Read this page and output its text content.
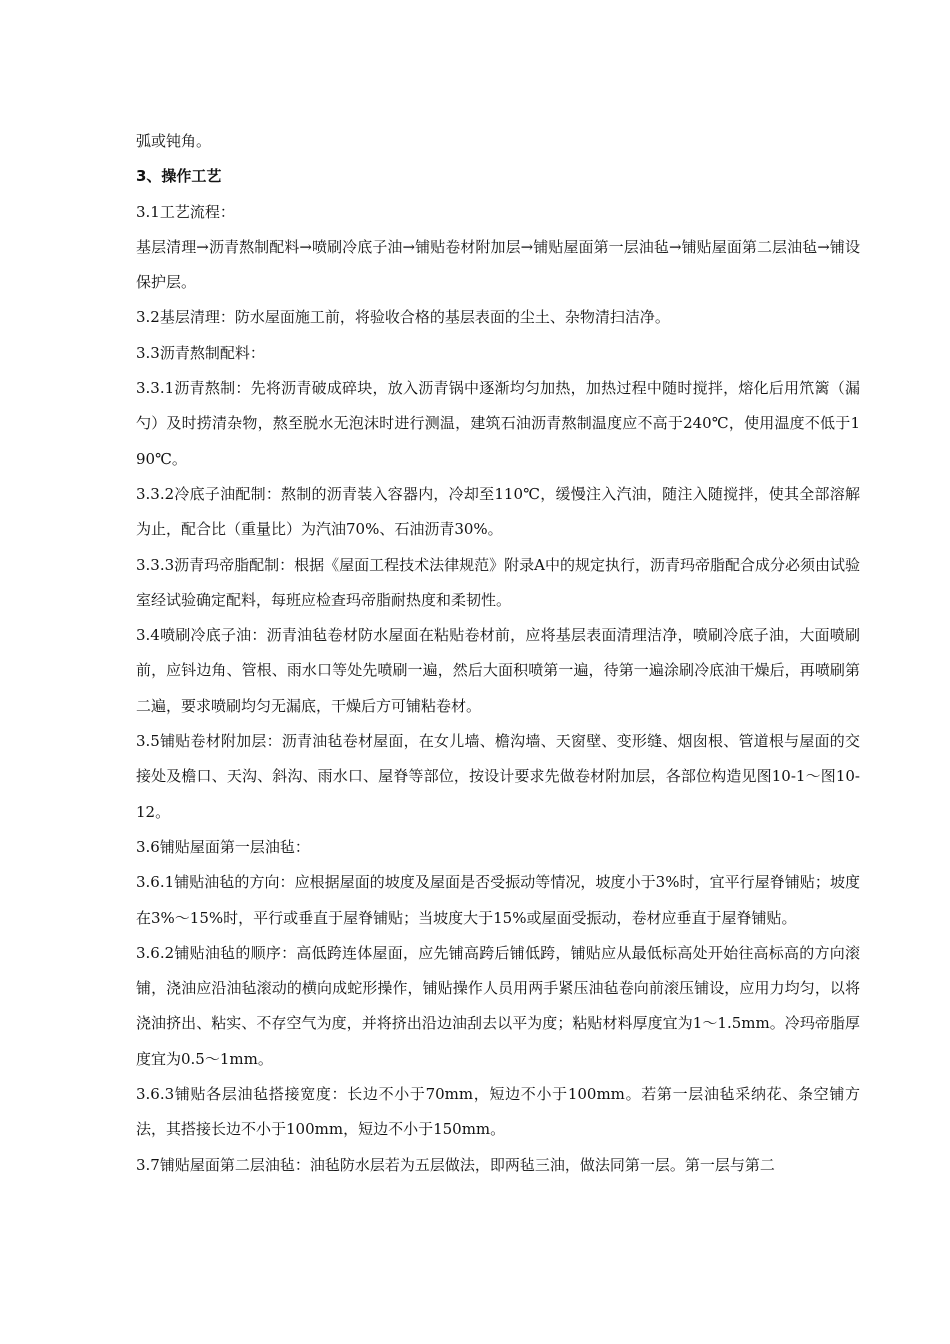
弧或钝角。

3、操作工艺

3.1工艺流程：

基层清理→沥青熬制配料→喷刷冷底子油→铺贴卷材附加层→铺贴屋面第一层油毡→铺贴屋面第二层油毡→铺设保护层。

3.2基层清理：防水屋面施工前，将验收合格的基层表面的尘土、杂物清扫洁净。

3.3沥青熬制配料：

3.3.1沥青熬制：先将沥青破成碎块，放入沥青锅中逐渐均匀加热，加热过程中随时搅拌，熔化后用笊篱（漏勺）及时捞清杂物，熬至脱水无泡沫时进行测温，建筑石油沥青熬制温度应不高于240℃，使用温度不低于190℃。

3.3.2冷底子油配制：熬制的沥青装入容器内，冷却至110℃，缓慢注入汽油，随注入随搅拌，使其全部溶解为止，配合比（重量比）为汽油70%、石油沥青30%。

3.3.3沥青玛帝脂配制：根据《屋面工程技术法律规范》附录A中的规定执行，沥青玛帝脂配合成分必须由试验室经试验确定配料，每班应检查玛帝脂耐热度和柔韧性。

3.4喷刷冷底子油：沥青油毡卷材防水屋面在粘贴卷材前，应将基层表面清理洁净，喷刷冷底子油，大面喷刷前，应钭边角、管根、雨水口等处先喷刷一遍，然后大面积喷第一遍，待第一遍涂刷冷底油干燥后，再喷刷第二遍，要求喷刷均匀无漏底，干燥后方可铺粘卷材。

3.5铺贴卷材附加层：沥青油毡卷材屋面，在女儿墙、檐沟墙、天窗壁、变形缝、烟囱根、管道根与屋面的交接处及檐口、天沟、斜沟、雨水口、屋脊等部位，按设计要求先做卷材附加层，各部位构造见图10-1～图10-12。

3.6铺贴屋面第一层油毡：

3.6.1铺贴油毡的方向：应根据屋面的坡度及屋面是否受振动等情况，坡度小于3%时，宜平行屋脊铺贴；坡度在3%～15%时，平行或垂直于屋脊铺贴；当坡度大于15%或屋面受振动，卷材应垂直于屋脊铺贴。

3.6.2铺贴油毡的顺序：高低跨连体屋面，应先铺高跨后铺低跨，铺贴应从最低标高处开始往高标高的方向滚铺，浇油应沿油毡滚动的横向成蛇形操作，铺贴操作人员用两手紧压油毡卷向前滚压铺设，应用力均匀，以将浇油挤出、粘实、不存空气为度，并将挤出沿边油刮去以平为度；粘贴材料厚度宜为1～1.5mm。冷玛帝脂厚度宜为0.5～1mm。

3.6.3铺贴各层油毡搭接宽度：长边不小于70mm，短边不小于100mm。若第一层油毡采纳花、条空铺方法，其搭接长边不小于100mm，短边不小于150mm。

3.7铺贴屋面第二层油毡：油毡防水层若为五层做法，即两毡三油，做法同第一层。第一层与第二
